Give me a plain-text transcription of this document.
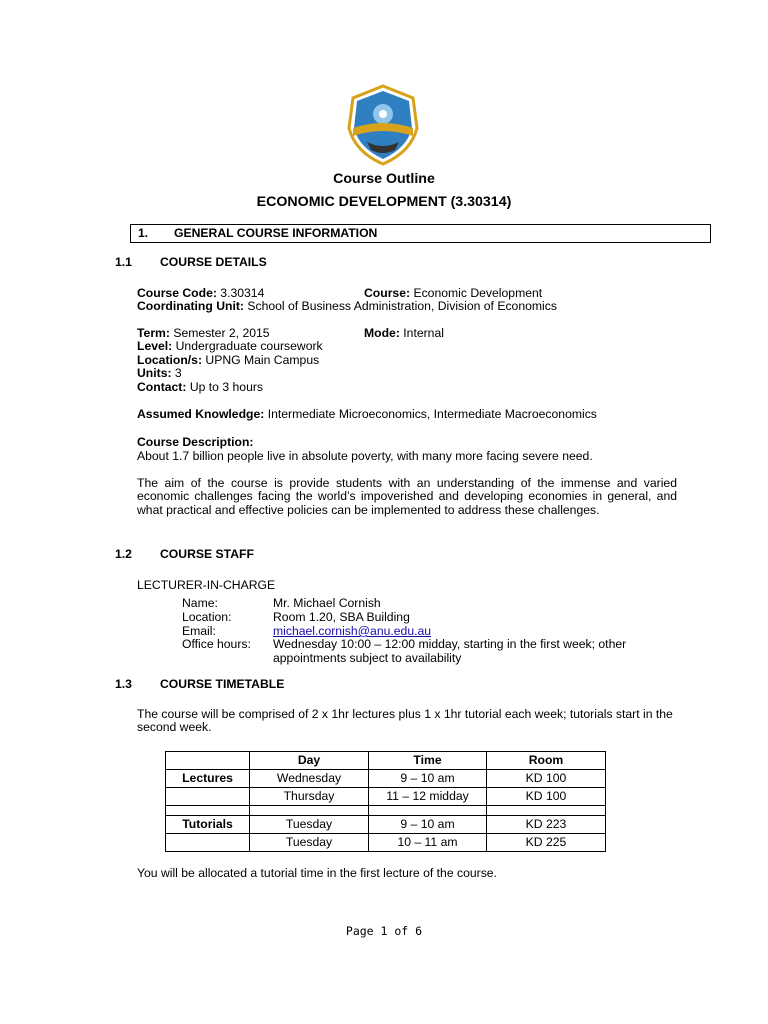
Course Outline
ECONOMIC DEVELOPMENT (3.30314)
1. GENERAL COURSE INFORMATION
1.1 COURSE DETAILS
Course Code: 3.30314	Course: Economic Development
Coordinating Unit: School of Business Administration, Division of Economics
Term: Semester 2, 2015	Mode: Internal
Level: Undergraduate coursework
Location/s: UPNG Main Campus
Units: 3
Contact: Up to 3 hours
Assumed Knowledge: Intermediate Microeconomics, Intermediate Macroeconomics
Course Description:
About 1.7 billion people live in absolute poverty, with many more facing severe need.
The aim of the course is provide students with an understanding of the immense and varied economic challenges facing the world’s impoverished and developing economies in general, and what practical and effective policies can be implemented to address these challenges.
1.2 COURSE STAFF
LECTURER-IN-CHARGE
Name:	Mr. Michael Cornish
Location:	Room 1.20, SBA Building
Email:	michael.cornish@anu.edu.au
Office hours: Wednesday 10:00 – 12:00 midday, starting in the first week; other
appointments subject to availability
1.3 COURSE TIMETABLE
The course will be comprised of 2 x 1hr lectures plus 1 x 1hr tutorial each week; tutorials start in the second week.
	Day	Time	Room
Lectures	Wednesday	9 – 10 am	KD 100
	Thursday	11 – 12 midday	KD 100

Tutorials	Tuesday	9 – 10 am	KD 223
	Tuesday	10 – 11 am	KD 225
You will be allocated a tutorial time in the first lecture of the course.
Page 1 of 6
